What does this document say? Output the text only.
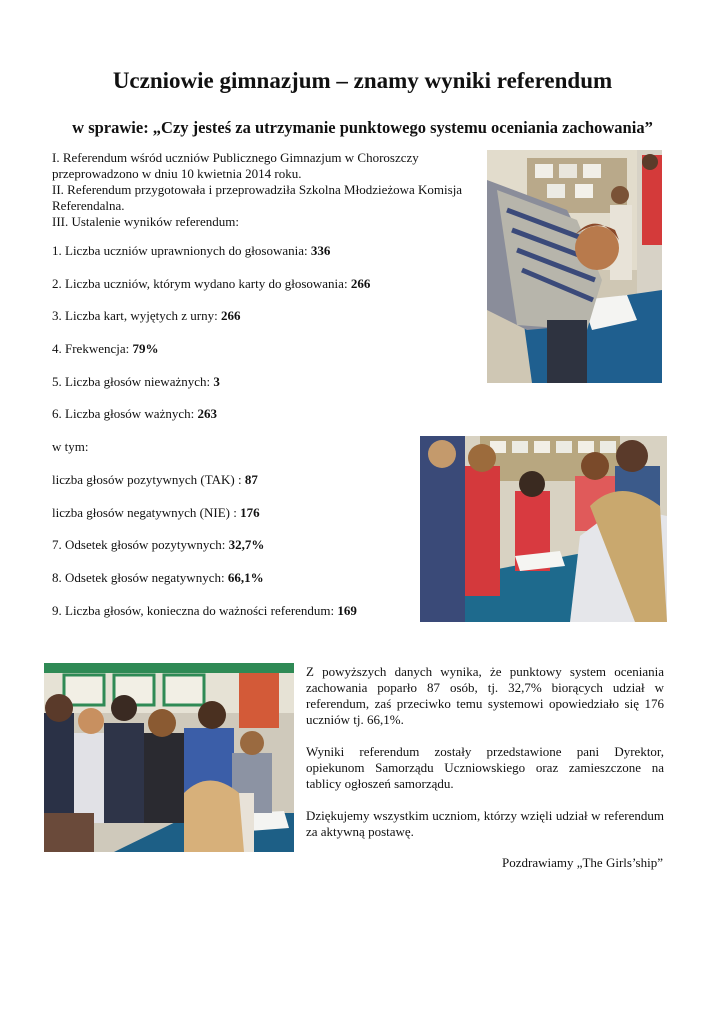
Uczniowie gimnazjum – znamy wyniki referendum
w sprawie: „Czy jesteś za utrzymanie punktowego systemu oceniania zachowania”
I. Referendum wśród uczniów Publicznego Gimnazjum w Choroszczy
przeprowadzono w dniu 10 kwietnia 2014 roku.
II. Referendum przygotowała i przeprowadziła Szkolna Młodzieżowa Komisja
Referendalna.
III. Ustalenie wyników referendum:
1. Liczba uczniów uprawnionych do głosowania: 336
2. Liczba uczniów, którym wydano karty do głosowania: 266
3. Liczba kart, wyjętych z urny: 266
4. Frekwencja: 79%
5. Liczba głosów nieważnych: 3
6. Liczba głosów ważnych: 263
w tym:
liczba głosów pozytywnych (TAK) : 87
liczba głosów negatywnych (NIE) : 176
7. Odsetek głosów pozytywnych: 32,7%
8. Odsetek głosów negatywnych: 66,1%
9. Liczba głosów, konieczna do ważności referendum: 169

Z powyższych danych wynika, że punktowy system oceniania zachowania poparło 87 osób, tj. 32,7% biorących udział w referendum, zaś przeciwko temu systemowi opowiedziało się 176 uczniów tj. 66,1%.

Wyniki referendum zostały przedstawione pani Dyrektor, opiekunom Samorządu Uczniowskiego oraz zamieszczone na tablicy ogłoszeń samorządu.

Dziękujemy wszystkim uczniom, którzy wzięli udział w referendum za aktywną postawę.

Pozdrawiamy „The Girls’ship”
